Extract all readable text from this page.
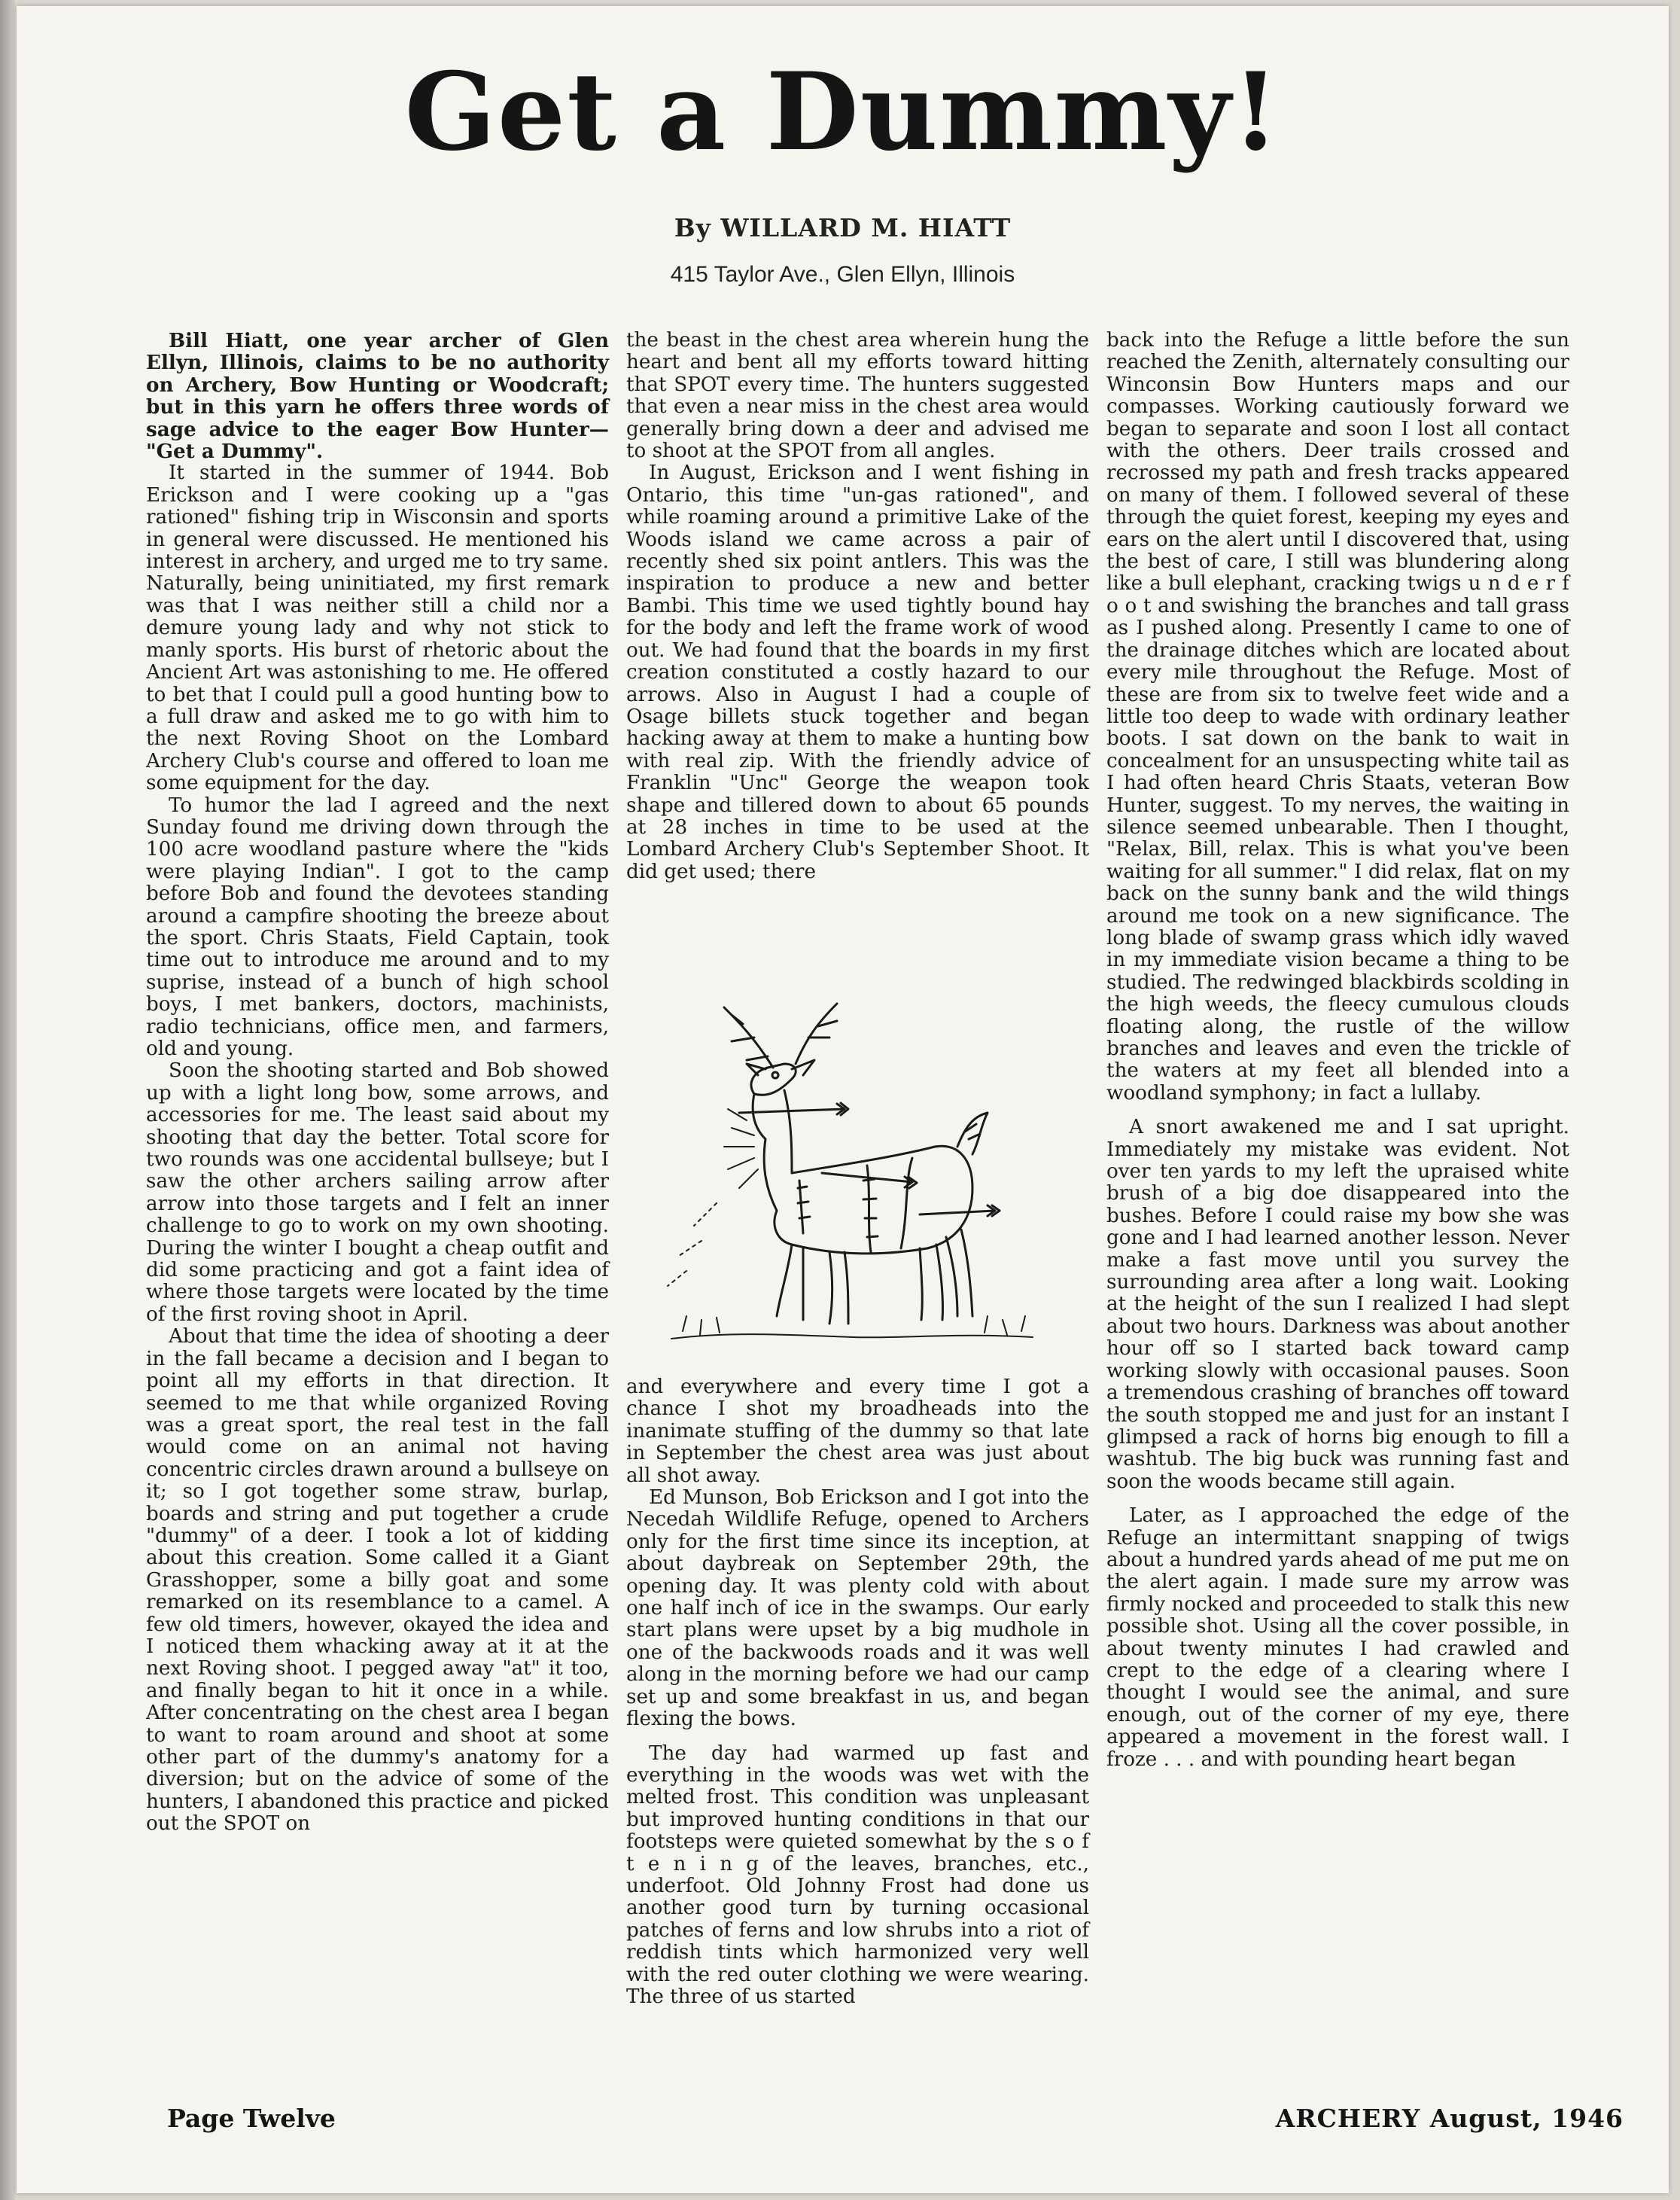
Get a Dummy!
By WILLARD M. HIATT
415 Taylor Ave., Glen Ellyn, Illinois

Bill Hiatt, one year archer of Glen Ellyn, Illinois, claims to be no authority on Archery, Bow Hunting or Woodcraft; but in this yarn he offers three words of sage advice to the eager Bow Hunter— "Get a Dummy".

It started in the summer of 1944. Bob Erickson and I were cooking up a "gas rationed" fishing trip in Wisconsin and sports in general were discussed. He mentioned his interest in archery, and urged me to try same. Naturally, being uninitiated, my first remark was that I was neither still a child nor a demure young lady and why not stick to manly sports. His burst of rhetoric about the Ancient Art was astonishing to me. He offered to bet that I could pull a good hunting bow to a full draw and asked me to go with him to the next Roving Shoot on the Lombard Archery Club's course and offered to loan me some equipment for the day.

To humor the lad I agreed and the next Sunday found me driving down through the 100 acre woodland pasture where the "kids were playing Indian". I got to the camp before Bob and found the devotees standing around a campfire shooting the breeze about the sport. Chris Staats, Field Captain, took time out to introduce me around and to my suprise, instead of a bunch of high school boys, I met bankers, doctors, machinists, radio technicians, office men, and farmers, old and young.

Soon the shooting started and Bob showed up with a light long bow, some arrows, and accessories for me. The least said about my shooting that day the better. Total score for two rounds was one accidental bullseye; but I saw the other archers sailing arrow after arrow into those targets and I felt an inner challenge to go to work on my own shooting. During the winter I bought a cheap outfit and did some practicing and got a faint idea of where those targets were located by the time of the first roving shoot in April.

About that time the idea of shooting a deer in the fall became a decision and I began to point all my efforts in that direction. It seemed to me that while organized Roving was a great sport, the real test in the fall would come on an animal not having concentric circles drawn around a bullseye on it; so I got together some straw, burlap, boards and string and put together a crude "dummy" of a deer. I took a lot of kidding about this creation. Some called it a Giant Grasshopper, some a billy goat and some remarked on its resemblance to a camel. A few old timers, however, okayed the idea and I noticed them whacking away at it at the next Roving shoot. I pegged away "at" it too, and finally began to hit it once in a while. After concentrating on the chest area I began to want to roam around and shoot at some other part of the dummy's anatomy for a diversion; but on the advice of some of the hunters, I abandoned this practice and picked out the SPOT on

the beast in the chest area wherein hung the heart and bent all my efforts toward hitting that SPOT every time. The hunters suggested that even a near miss in the chest area would generally bring down a deer and advised me to shoot at the SPOT from all angles.

In August, Erickson and I went fishing in Ontario, this time "un-gas rationed", and while roaming around a primitive Lake of the Woods island we came across a pair of recently shed six point antlers. This was the inspiration to produce a new and better Bambi. This time we used tightly bound hay for the body and left the frame work of wood out. We had found that the boards in my first creation constituted a costly hazard to our arrows. Also in August I had a couple of Osage billets stuck together and began hacking away at them to make a hunting bow with real zip. With the friendly advice of Franklin "Unc" George the weapon took shape and tillered down to about 65 pounds at 28 inches in time to be used at the Lombard Archery Club's September Shoot. It did get used; there

and everywhere and every time I got a chance I shot my broadheads into the inanimate stuffing of the dummy so that late in September the chest area was just about all shot away.

Ed Munson, Bob Erickson and I got into the Necedah Wildlife Refuge, opened to Archers only for the first time since its inception, at about daybreak on September 29th, the opening day. It was plenty cold with about one half inch of ice in the swamps. Our early start plans were upset by a big mudhole in one of the backwoods roads and it was well along in the morning before we had our camp set up and some breakfast in us, and began flexing the bows.

The day had warmed up fast and everything in the woods was wet with the melted frost. This condition was unpleasant but improved hunting conditions in that our footsteps were quieted somewhat by the s o f t e n i n g of the leaves, branches, etc., underfoot. Old Johnny Frost had done us another good turn by turning occasional patches of ferns and low shrubs into a riot of reddish tints which harmonized very well with the red outer clothing we were wearing. The three of us started

back into the Refuge a little before the sun reached the Zenith, alternately consulting our Winconsin Bow Hunters maps and our compasses. Working cautiously forward we began to separate and soon I lost all contact with the others. Deer trails crossed and recrossed my path and fresh tracks appeared on many of them. I followed several of these through the quiet forest, keeping my eyes and ears on the alert until I discovered that, using the best of care, I still was blundering along like a bull elephant, cracking twigs u n d e r f o o t and swishing the branches and tall grass as I pushed along. Presently I came to one of the drainage ditches which are located about every mile throughout the Refuge. Most of these are from six to twelve feet wide and a little too deep to wade with ordinary leather boots. I sat down on the bank to wait in concealment for an unsuspecting white tail as I had often heard Chris Staats, veteran Bow Hunter, suggest. To my nerves, the waiting in silence seemed unbearable. Then I thought, "Relax, Bill, relax. This is what you've been waiting for all summer." I did relax, flat on my back on the sunny bank and the wild things around me took on a new significance. The long blade of swamp grass which idly waved in my immediate vision became a thing to be studied. The redwinged blackbirds scolding in the high weeds, the fleecy cumulous clouds floating along, the rustle of the willow branches and leaves and even the trickle of the waters at my feet all blended into a woodland symphony; in fact a lullaby.

A snort awakened me and I sat upright. Immediately my mistake was evident. Not over ten yards to my left the upraised white brush of a big doe disappeared into the bushes. Before I could raise my bow she was gone and I had learned another lesson. Never make a fast move until you survey the surrounding area after a long wait. Looking at the height of the sun I realized I had slept about two hours. Darkness was about another hour off so I started back toward camp working slowly with occasional pauses. Soon a tremendous crashing of branches off toward the south stopped me and just for an instant I glimpsed a rack of horns big enough to fill a washtub. The big buck was running fast and soon the woods became still again.

Later, as I approached the edge of the Refuge an intermittant snapping of twigs about a hundred yards ahead of me put me on the alert again. I made sure my arrow was firmly nocked and proceeded to stalk this new possible shot. Using all the cover possible, in about twenty minutes I had crawled and crept to the edge of a clearing where I thought I would see the animal, and sure enough, out of the corner of my eye, there appeared a movement in the forest wall. I froze . . . and with pounding heart began

Page Twelve	ARCHERY August, 1946
